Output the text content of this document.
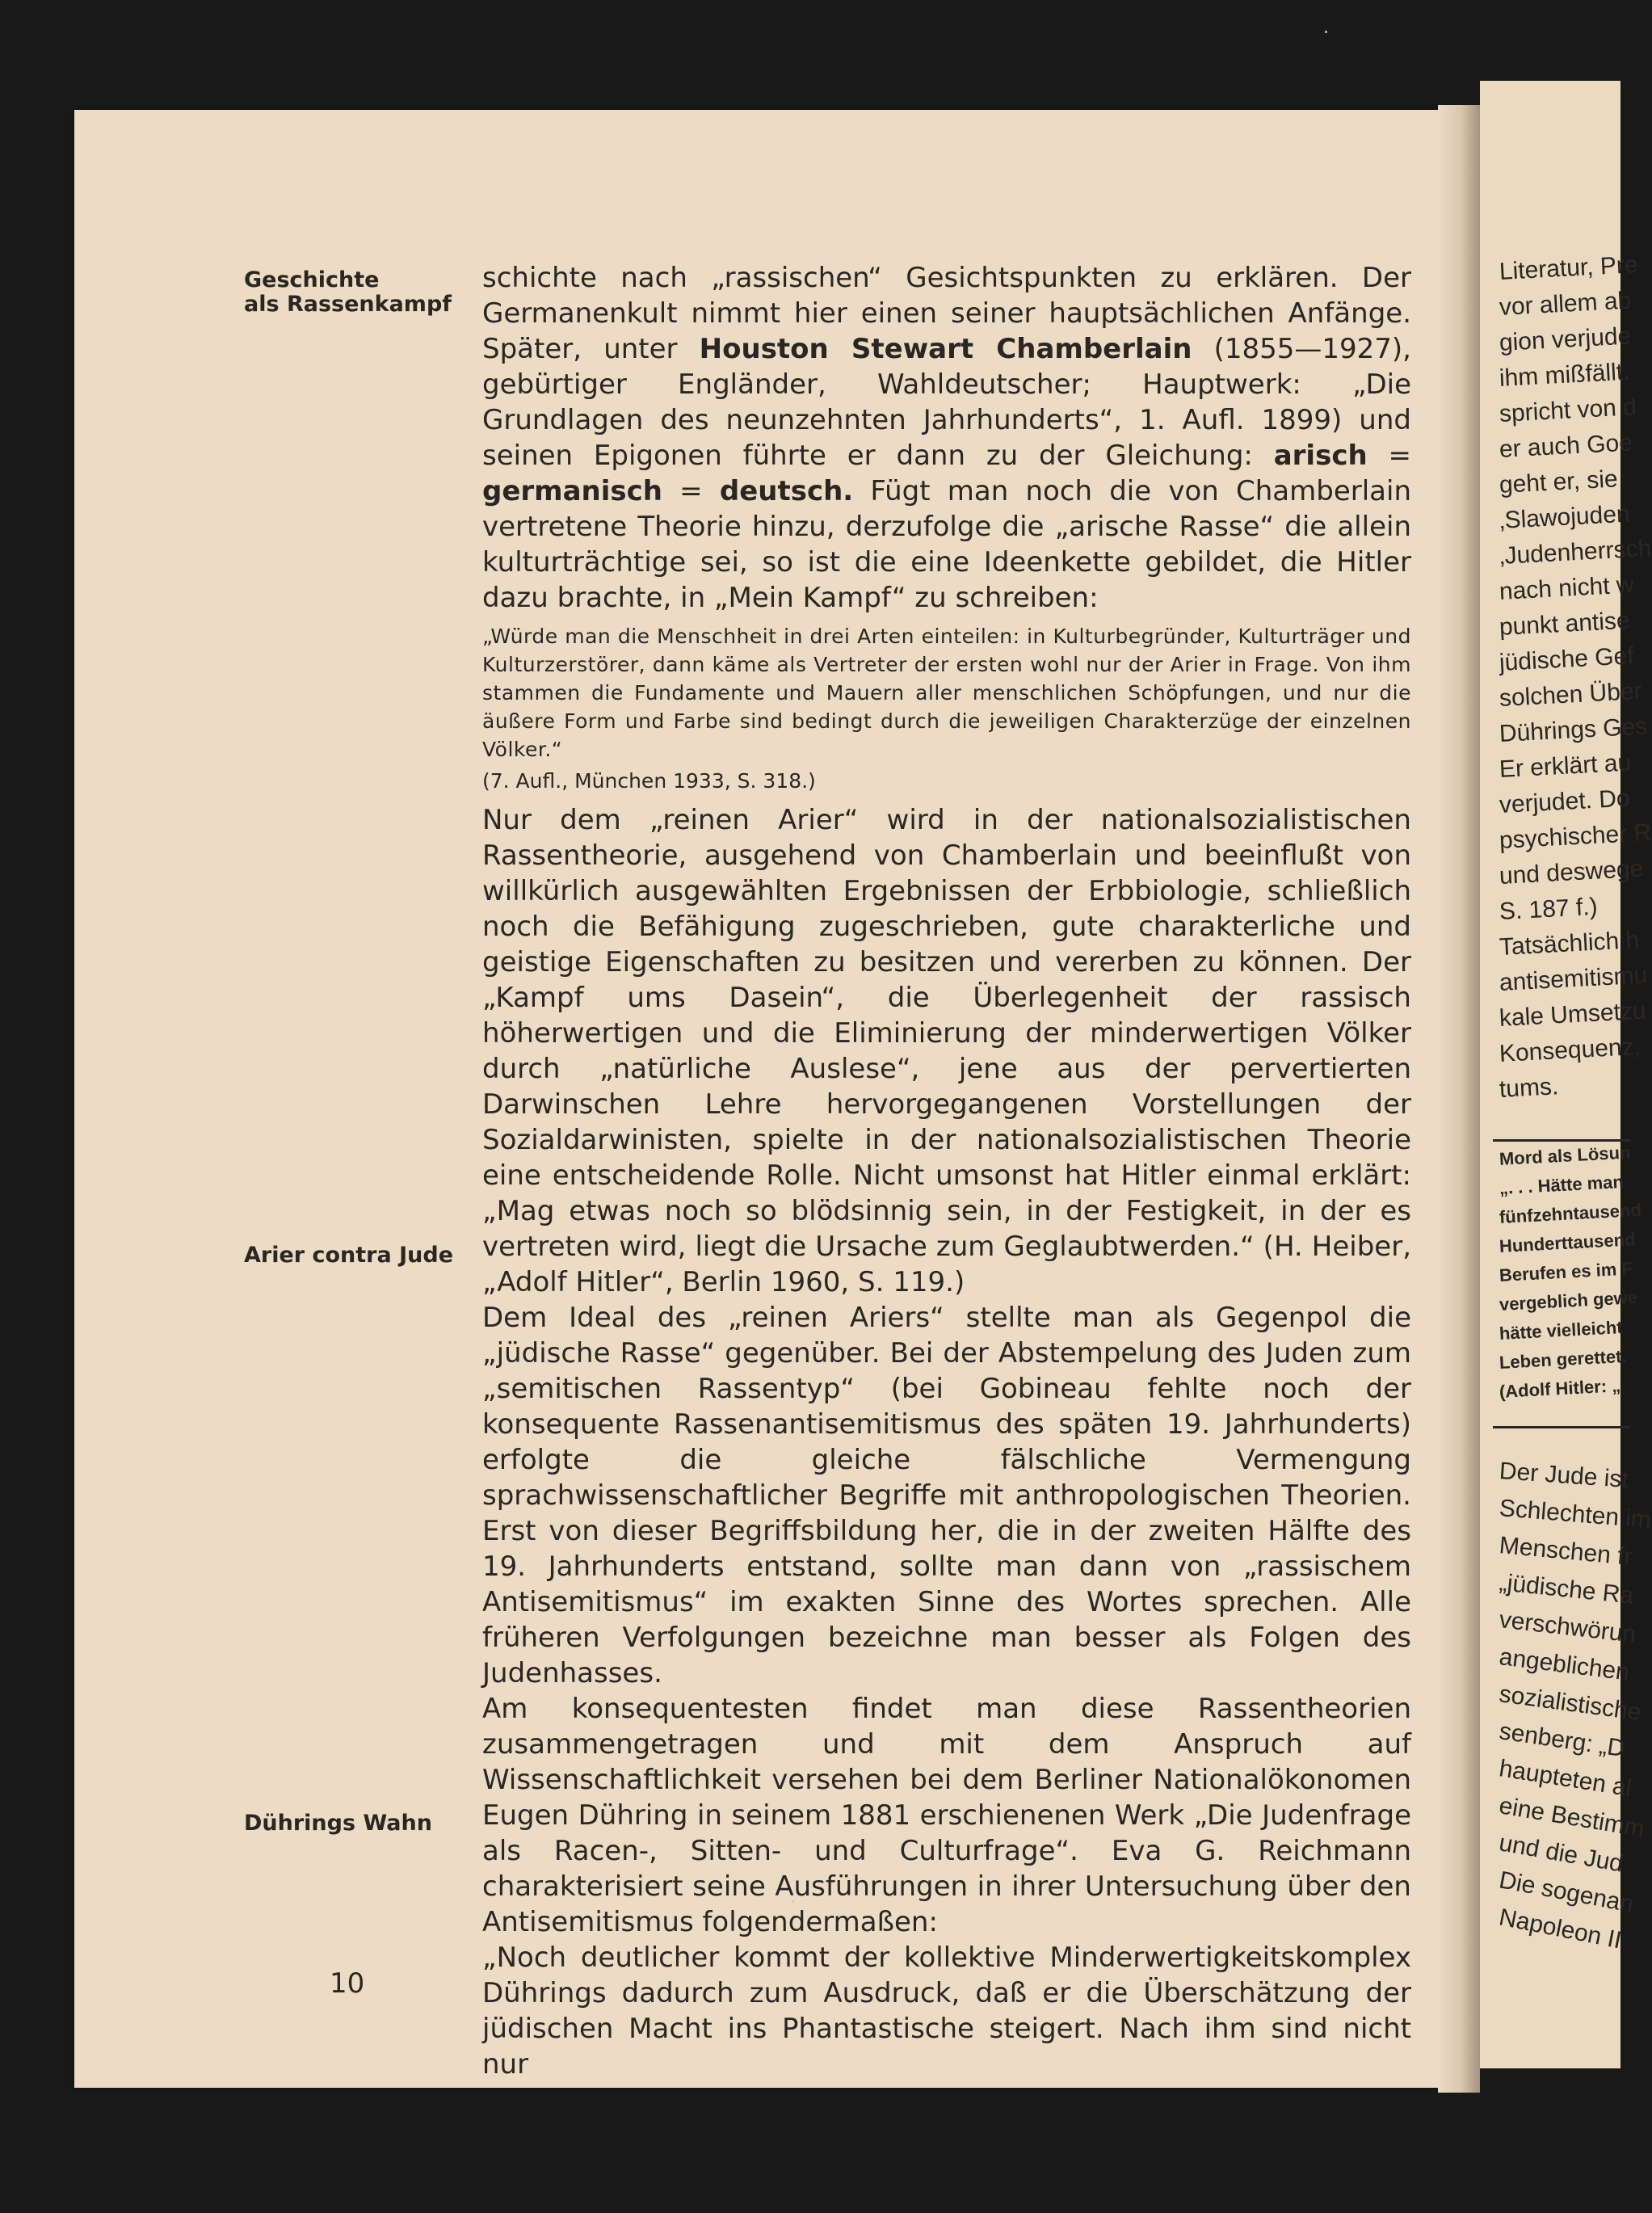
Geschichte
als Rassenkampf
Arier contra Jude
Dührings Wahn

schichte nach „rassischen“ Gesichtspunkten zu erklären. Der Germanenkult nimmt hier einen seiner hauptsächlichen Anfänge. Später, unter Houston Stewart Chamberlain (1855—1927), gebürtiger Engländer, Wahldeutscher; Hauptwerk: „Die Grundlagen des neunzehnten Jahrhunderts“, 1. Aufl. 1899) und seinen Epigonen führte er dann zu der Gleichung: arisch = germanisch = deutsch. Fügt man noch die von Chamberlain vertretene Theorie hinzu, derzufolge die „arische Rasse“ die allein kulturträchtige sei, so ist die eine Ideenkette gebildet, die Hitler dazu brachte, in „Mein Kampf“ zu schreiben:

„Würde man die Menschheit in drei Arten einteilen: in Kulturbegründer, Kulturträger und Kulturzerstörer, dann käme als Vertreter der ersten wohl nur der Arier in Frage. Von ihm stammen die Fundamente und Mauern aller menschlichen Schöpfungen, und nur die äußere Form und Farbe sind bedingt durch die jeweiligen Charakterzüge der einzelnen Völker.“

(7. Aufl., München 1933, S. 318.)

Nur dem „reinen Arier“ wird in der nationalsozialistischen Rassentheorie, ausgehend von Chamberlain und beeinflußt von willkürlich ausgewählten Ergebnissen der Erbbiologie, schließlich noch die Befähigung zugeschrieben, gute charakterliche und geistige Eigenschaften zu besitzen und vererben zu können. Der „Kampf ums Dasein“, die Überlegenheit der rassisch höherwertigen und die Eliminierung der minderwertigen Völker durch „natürliche Auslese“, jene aus der pervertierten Darwinschen Lehre hervorgegangenen Vorstellungen der Sozialdarwinisten, spielte in der nationalsozialistischen Theorie eine entscheidende Rolle. Nicht umsonst hat Hitler einmal erklärt: „Mag etwas noch so blödsinnig sein, in der Festigkeit, in der es vertreten wird, liegt die Ursache zum Geglaubtwerden.“ (H. Heiber, „Adolf Hitler“, Berlin 1960, S. 119.)

Dem Ideal des „reinen Ariers“ stellte man als Gegenpol die „jüdische Rasse“ gegenüber. Bei der Abstempelung des Juden zum „semitischen Rassentyp“ (bei Gobineau fehlte noch der konsequente Rassenantisemitismus des späten 19. Jahrhunderts) erfolgte die gleiche fälschliche Vermengung sprachwissenschaftlicher Begriffe mit anthropologischen Theorien. Erst von dieser Begriffsbildung her, die in der zweiten Hälfte des 19. Jahrhunderts entstand, sollte man dann von „rassischem Antisemitismus“ im exakten Sinne des Wortes sprechen. Alle früheren Verfolgungen bezeichne man besser als Folgen des Judenhasses.

Am konsequentesten findet man diese Rassentheorien zusammengetragen und mit dem Anspruch auf Wissenschaftlichkeit versehen bei dem Berliner Nationalökonomen Eugen Dühring in seinem 1881 erschienenen Werk „Die Judenfrage als Racen-, Sitten- und Culturfrage“. Eva G. Reichmann charakterisiert seine Ausführungen in ihrer Untersuchung über den Antisemitismus folgendermaßen:

„Noch deutlicher kommt der kollektive Minderwertigkeitskomplex Dührings dadurch zum Ausdruck, daß er die Überschätzung der jüdischen Macht ins Phantastische steigert. Nach ihm sind nicht nur

10
Literatur, Pre
vor allem ab
gion verjude
ihm mißfällt.
spricht von d
er auch Goe
geht er, sie
‚Slawojuden
‚Judenherrsch
nach nicht w
punkt antise
jüdische Gef
solchen Über
Dührings Ges
Er erklärt au
verjudet. Do
psychischer R
und deswege
S. 187 f.)
Tatsächlich h
antisemitismu
kale Umsetzu
Konsequenz,
tums.
Mord als Lösun
„. . . Hätte man
fünfzehntausend
Hunderttausend
Berufen es im F
vergeblich gewe
hätte vielleicht
Leben gerettet.
(Adolf Hitler: „
Der Jude ist
Schlechten im
Menschen fr
„jüdische Ra
verschwörun
angeblichen
sozialistische
senberg: „D
haupteten al
eine Bestimm
und die Jud
Die sogenan
Napoleon II
